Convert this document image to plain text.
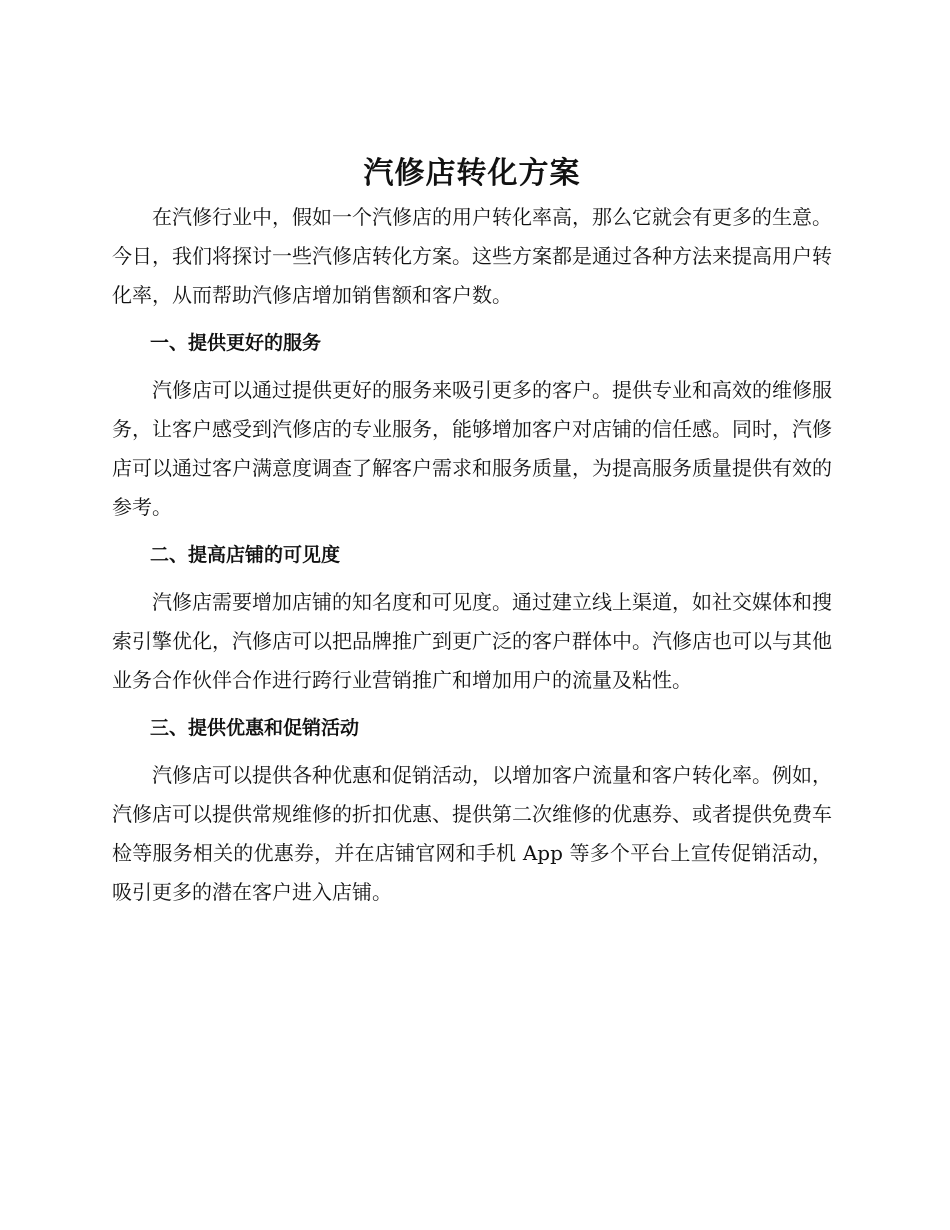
汽修店转化方案

在汽修行业中，假如一个汽修店的用户转化率高，那么它就会有更多的生意。今日，我们将探讨一些汽修店转化方案。这些方案都是通过各种方法来提高用户转化率，从而帮助汽修店增加销售额和客户数。

一、提供更好的服务

汽修店可以通过提供更好的服务来吸引更多的客户。提供专业和高效的维修服务，让客户感受到汽修店的专业服务，能够增加客户对店铺的信任感。同时，汽修店可以通过客户满意度调查了解客户需求和服务质量，为提高服务质量提供有效的参考。

二、提高店铺的可见度

汽修店需要增加店铺的知名度和可见度。通过建立线上渠道，如社交媒体和搜索引擎优化，汽修店可以把品牌推广到更广泛的客户群体中。汽修店也可以与其他业务合作伙伴合作进行跨行业营销推广和增加用户的流量及粘性。

三、提供优惠和促销活动

汽修店可以提供各种优惠和促销活动，以增加客户流量和客户转化率。例如，汽修店可以提供常规维修的折扣优惠、提供第二次维修的优惠券、或者提供免费车检等服务相关的优惠券，并在店铺官网和手机 App 等多个平台上宣传促销活动，吸引更多的潜在客户进入店铺。
